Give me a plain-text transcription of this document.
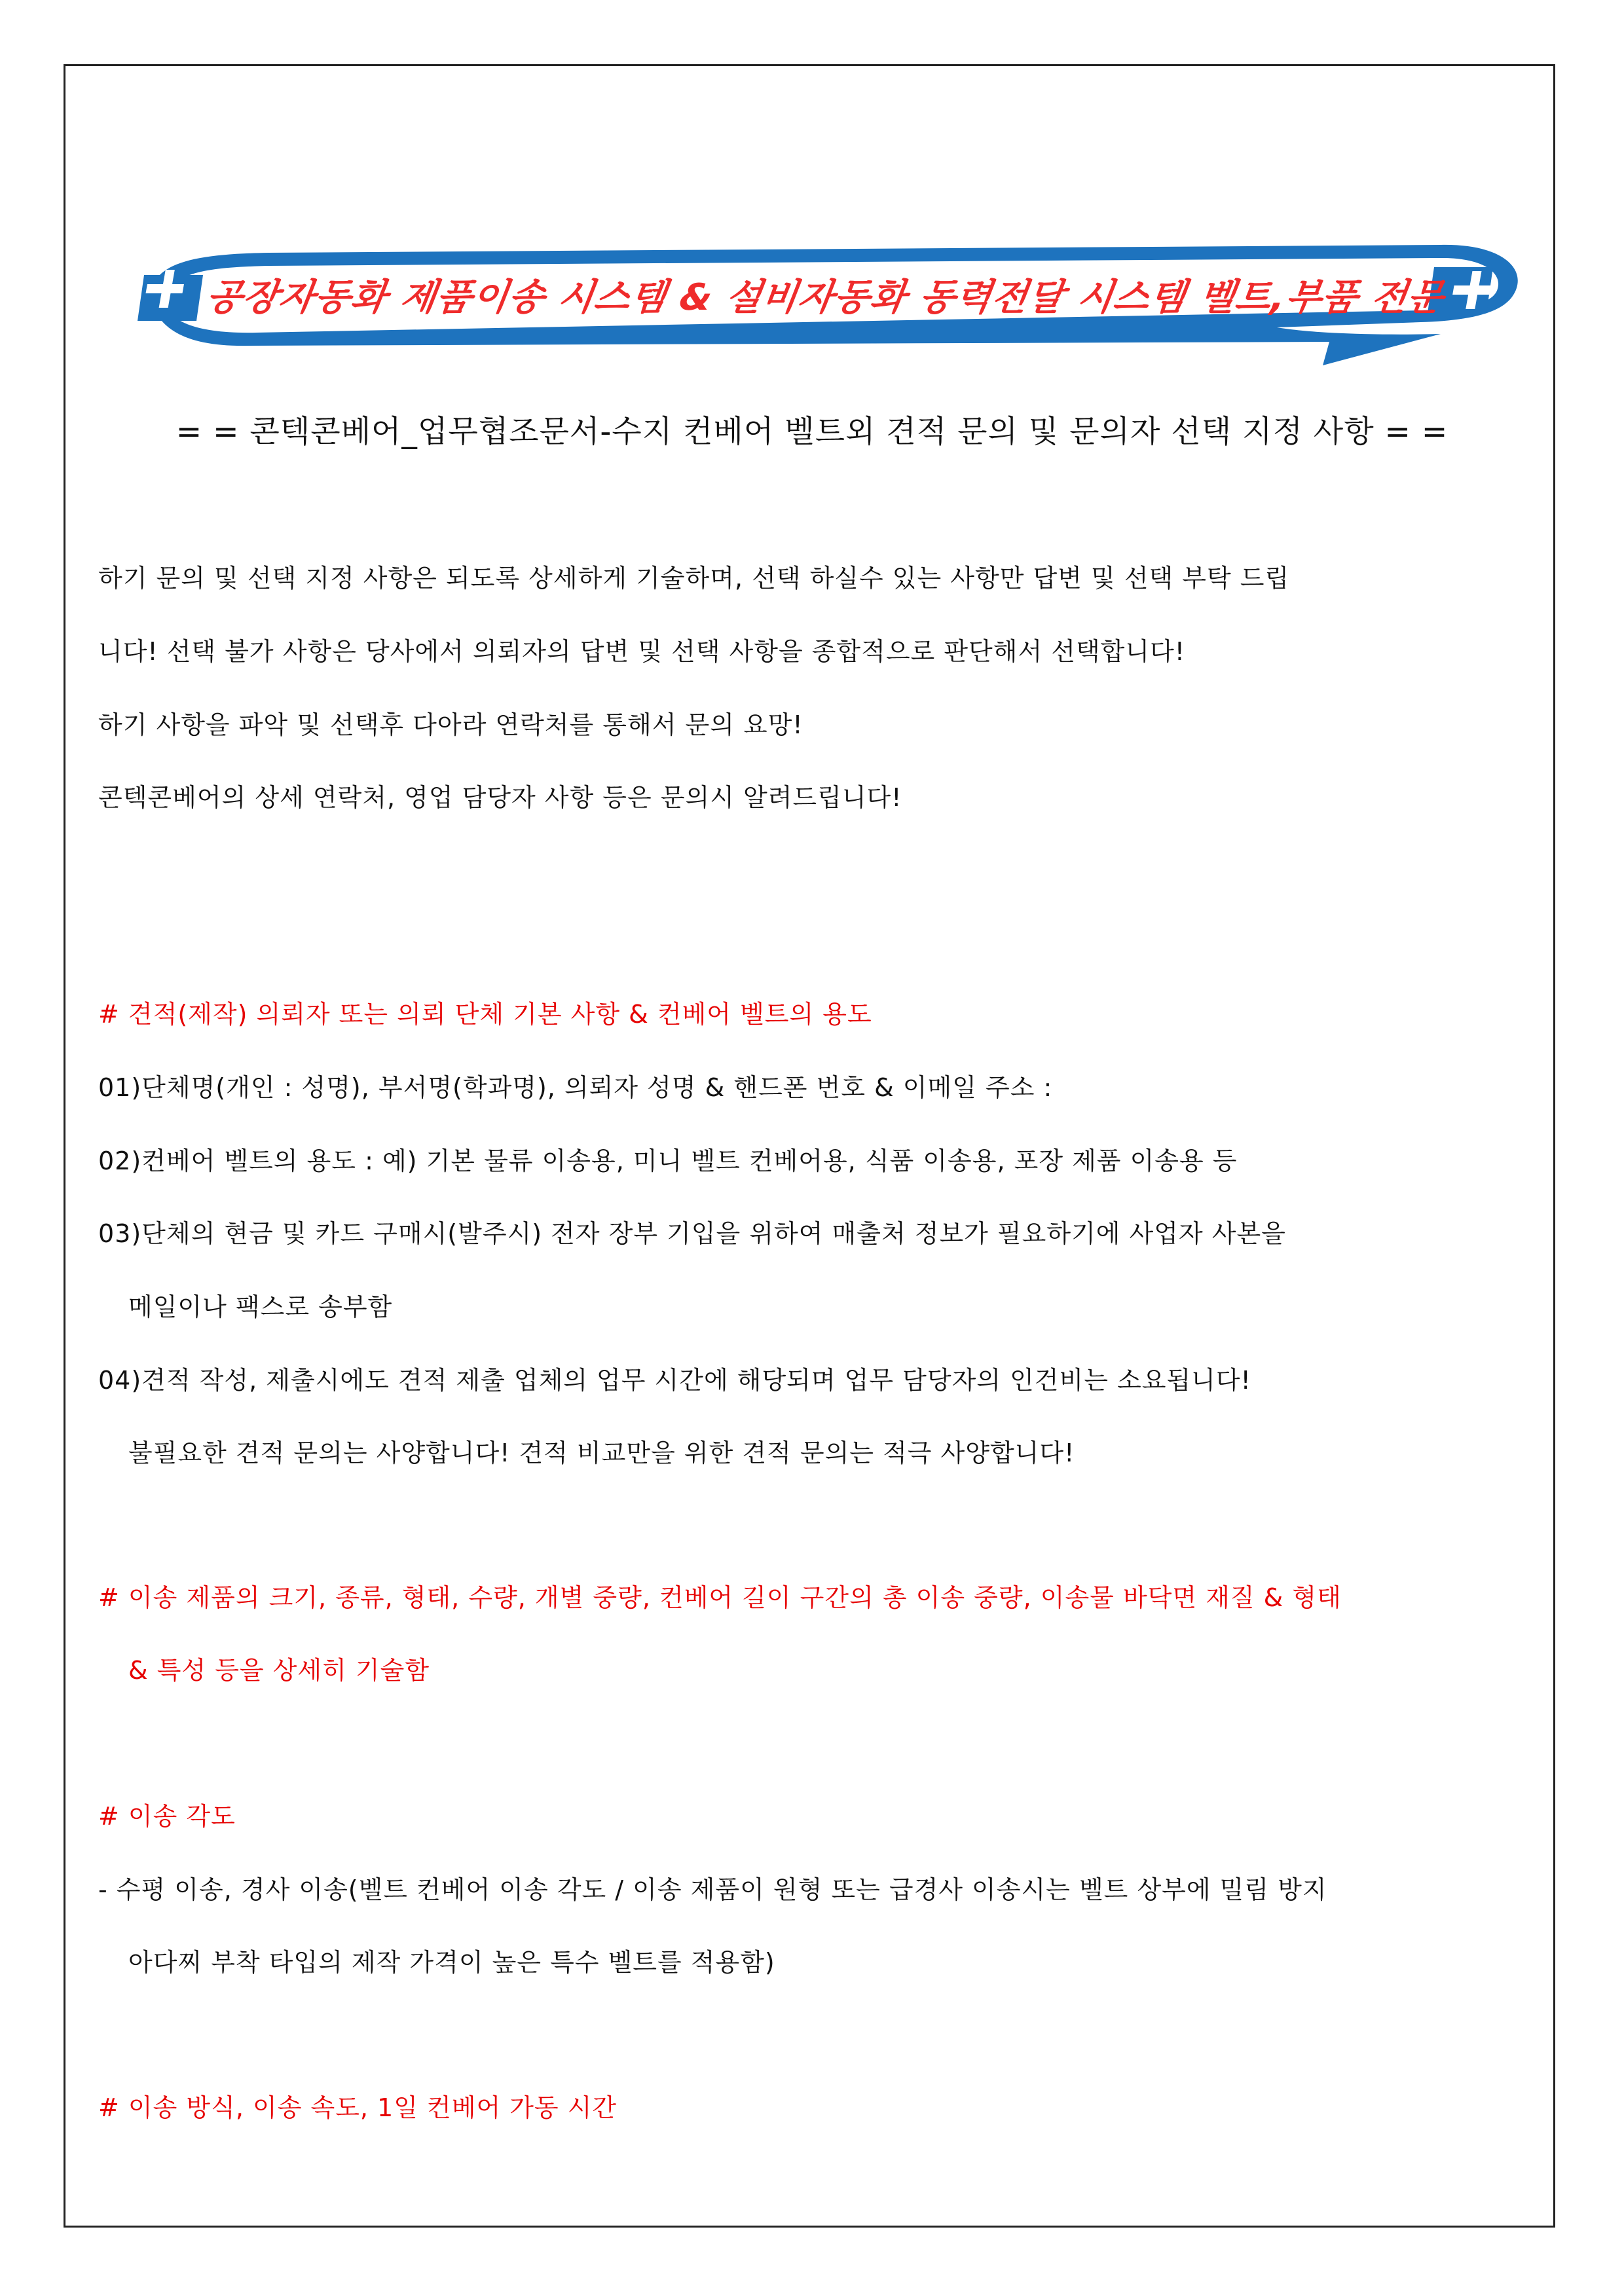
공장자동화 제품이송 시스템 & 설비자동화 동력전달 시스템 벨트,부품 전문
= = 콘텍콘베어_업무협조문서-수지 컨베어 벨트외 견적 문의 및 문의자 선택 지정 사항 = =
하기 문의 및 선택 지정 사항은 되도록 상세하게 기술하며, 선택 하실수 있는 사항만 답변 및 선택 부탁 드립
니다! 선택 불가 사항은 당사에서 의뢰자의 답변 및 선택 사항을 종합적으로 판단해서 선택합니다!
하기 사항을 파악 및 선택후 다아라 연락처를 통해서 문의 요망!
콘텍콘베어의 상세 연락처, 영업 담당자 사항 등은 문의시 알려드립니다!
# 견적(제작) 의뢰자 또는 의뢰 단체 기본 사항 & 컨베어 벨트의 용도
01)단체명(개인 : 성명), 부서명(학과명), 의뢰자 성명 & 핸드폰 번호 & 이메일 주소 :
02)컨베어 벨트의 용도 : 예) 기본 물류 이송용, 미니 벨트 컨베어용, 식품 이송용, 포장 제품 이송용 등
03)단체의 현금 및 카드 구매시(발주시) 전자 장부 기입을 위하여 매출처 정보가 필요하기에 사업자 사본을
메일이나 팩스로 송부함
04)견적 작성, 제출시에도 견적 제출 업체의 업무 시간에 해당되며 업무 담당자의 인건비는 소요됩니다!
불필요한 견적 문의는 사양합니다! 견적 비교만을 위한 견적 문의는 적극 사양합니다!
# 이송 제품의 크기, 종류, 형태, 수량, 개별 중량, 컨베어 길이 구간의 총 이송 중량, 이송물 바닥면 재질 & 형태
& 특성 등을 상세히 기술함
# 이송 각도
- 수평 이송, 경사 이송(벨트 컨베어 이송 각도 / 이송 제품이 원형 또는 급경사 이송시는 벨트 상부에 밀림 방지
아다찌 부착 타입의 제작 가격이 높은 특수 벨트를 적용함)
# 이송 방식, 이송 속도, 1일 컨베어 가동 시간
